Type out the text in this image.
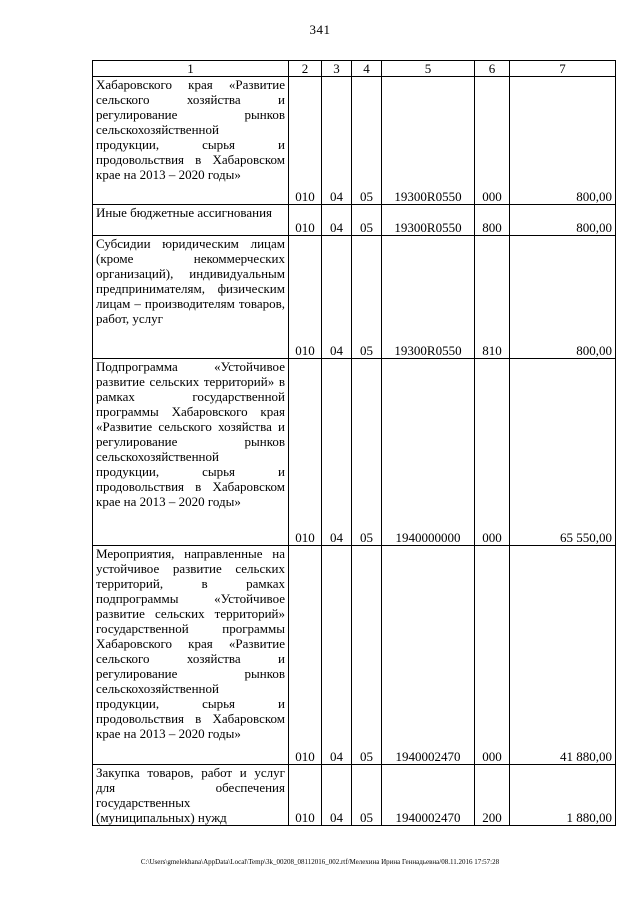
341
1	2	3	4	5	6	7

Хабаровского края «Развитие сельского хозяйства и регулирование рынков сельскохозяйственной продукции, сырья и продовольствия в Хабаровском крае на 2013 – 2020 годы»	010	04	05	19300R0550	000	800,00

Иные бюджетные ассигнования	010	04	05	19300R0550	800	800,00

Субсидии юридическим лицам (кроме некоммерческих организаций), индивидуальным предпринимателям, физическим лицам – производителям товаров, работ, услуг	010	04	05	19300R0550	810	800,00

Подпрограмма «Устойчивое развитие сельских территорий» в рамках государственной программы Хабаровского края «Развитие сельского хозяйства и регулирование рынков сельскохозяйственной продукции, сырья и продовольствия в Хабаровском крае на 2013 – 2020 годы»	010	04	05	1940000000	000	65 550,00

Мероприятия, направленные на устойчивое развитие сельских территорий, в рамках подпрограммы «Устойчивое развитие сельских территорий» государственной программы Хабаровского края «Развитие сельского хозяйства и регулирование рынков сельскохозяйственной продукции, сырья и продовольствия в Хабаровском крае на 2013 – 2020 годы»	010	04	05	1940002470	000	41 880,00

Закупка товаров, работ и услуг для обеспечения государственных (муниципальных) нужд	010	04	05	1940002470	200	1 880,00
C:\Users\gmelekhana\AppData\Local\Temp\3k_00208_08112016_002.rtf/Мелехина Ирина Геннадьевна/08.11.2016 17:57:28
